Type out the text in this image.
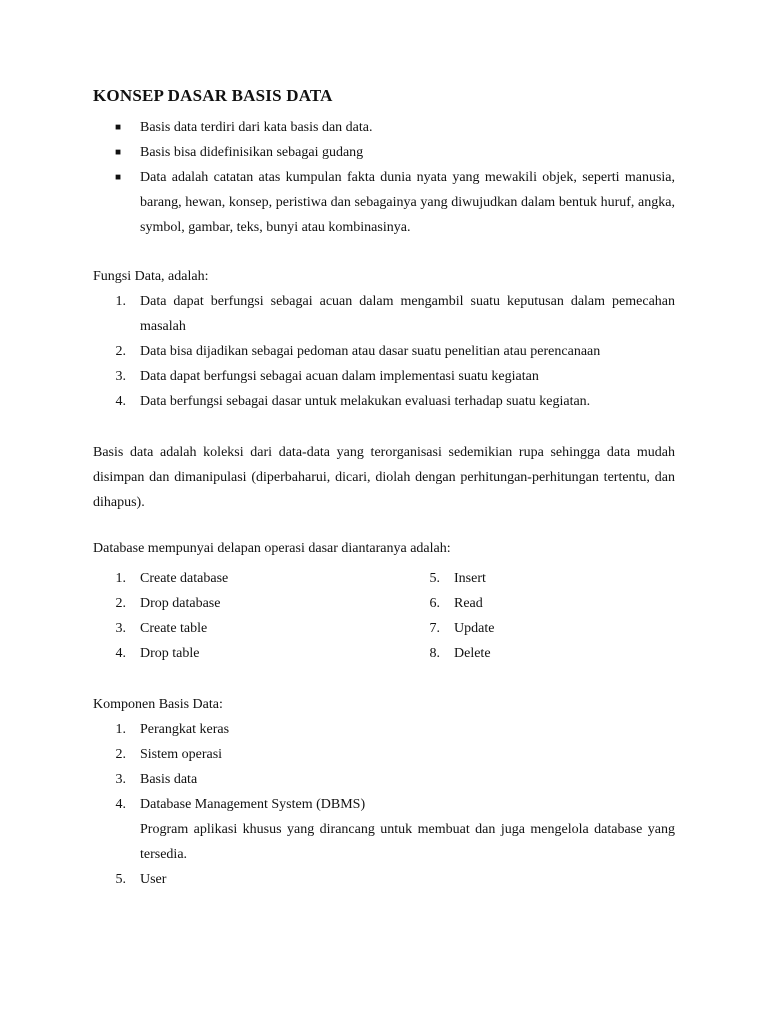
KONSEP DASAR BASIS DATA
■ Basis data terdiri dari kata basis dan data.
■ Basis bisa didefinisikan sebagai gudang
■ Data adalah catatan atas kumpulan fakta dunia nyata yang mewakili objek, seperti manusia, barang, hewan, konsep, peristiwa dan sebagainya yang diwujudkan dalam bentuk huruf, angka, symbol, gambar, teks, bunyi atau kombinasinya.
Fungsi Data, adalah:
1. Data dapat berfungsi sebagai acuan dalam mengambil suatu keputusan dalam pemecahan masalah
2. Data bisa dijadikan sebagai pedoman atau dasar suatu penelitian atau perencanaan
3. Data dapat berfungsi sebagai acuan dalam implementasi suatu kegiatan
4. Data berfungsi sebagai dasar untuk melakukan evaluasi terhadap suatu kegiatan.
Basis data adalah koleksi dari data-data yang terorganisasi sedemikian rupa sehingga data mudah disimpan dan dimanipulasi (diperbaharui, dicari, diolah dengan perhitungan-perhitungan tertentu, dan dihapus).
Database mempunyai delapan operasi dasar diantaranya adalah:
1. Create database
2. Drop database
3. Create table
4. Drop table
5. Insert
6. Read
7. Update
8. Delete
Komponen Basis Data:
1. Perangkat keras
2. Sistem operasi
3. Basis data
4. Database Management System (DBMS)
Program aplikasi khusus yang dirancang untuk membuat dan juga mengelola database yang tersedia.
5. User
